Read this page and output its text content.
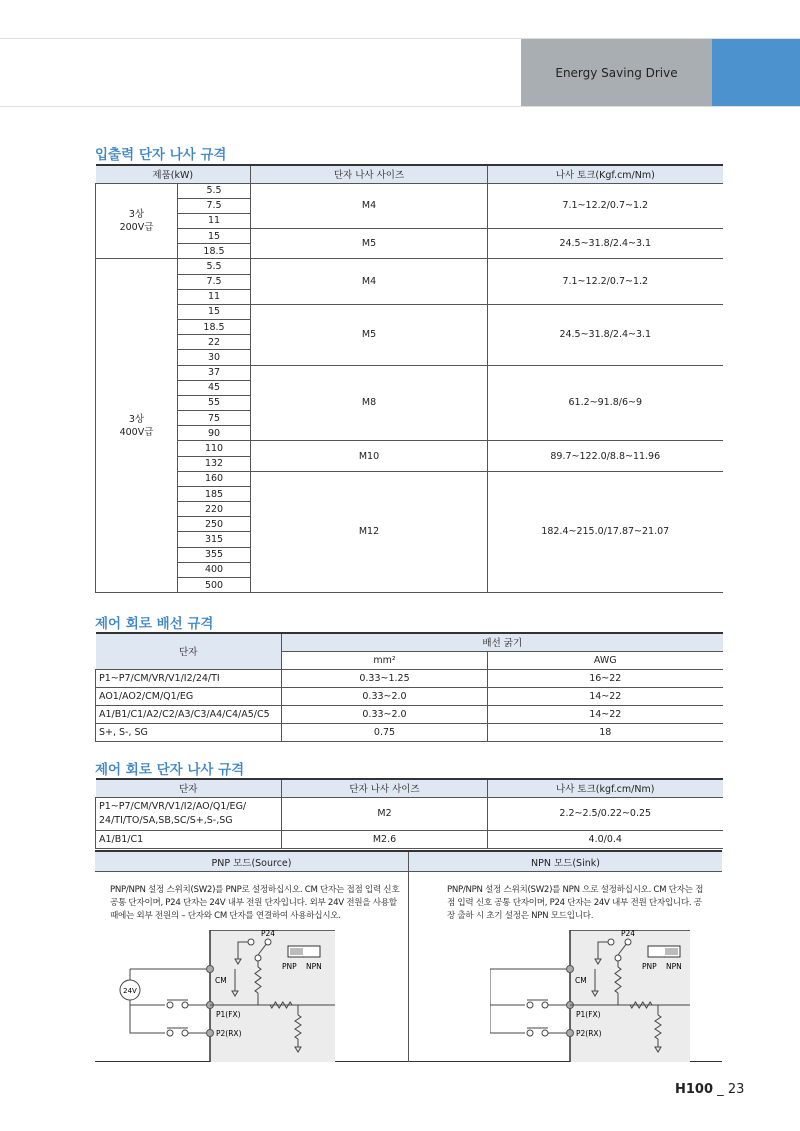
Energy Saving Drive
입출력 단자 나사 규격
제품(kW)		단자 나사 사이즈	나사 토크(Kgf.cm/Nm)
3상 200V급	5.5	M4	7.1~12.2/0.7~1.2
	7.5		
	11		
	15	M5	24.5~31.8/2.4~3.1
	18.5		
3상 400V급	5.5	M4	7.1~12.2/0.7~1.2
	7.5		
	11		
	15	M5	24.5~31.8/2.4~3.1
	18.5		
	22		
	30		
	37	M8	61.2~91.8/6~9
	45		
	55		
	75		
	90		
	110	M10	89.7~122.0/8.8~11.96
	132		
	160	M12	182.4~215.0/17.87~21.07
	185		
	220		
	250		
	315		
	355		
	400		
	500		
제어 회로 배선 규격
단자	배선 굵기	
	mm²	AWG
P1~P7/CM/VR/V1/I2/24/TI	0.33~1.25	16~22
AO1/AO2/CM/Q1/EG	0.33~2.0	14~22
A1/B1/C1/A2/C2/A3/C3/A4/C4/A5/C5	0.33~2.0	14~22
S+, S-, SG	0.75	18
제어 회로 단자 나사 규격
단자	단자 나사 사이즈	나사 토크(kgf.cm/Nm)
P1~P7/CM/VR/V1/I2/AO/Q1/EG/ 24/TI/TO/SA,SB,SC/S+,S-,SG	M2	2.2~2.5/0.22~0.25
A1/B1/C1	M2.6	4.0/0.4
PNP 모드(Source)	NPN 모드(Sink)
PNP/NPN 설정 스위치(SW2)를 PNP로 설정하십시오. CM 단자는 접점 입력 신호 공통 단자이며, P24 단자는 24V 내부 전원 단자입니다. 외부 24V 전원을 사용할 때에는 외부 전원의 – 단자와 CM 단자를 연결하여 사용하십시오.
PNP/NPN 설정 스위치(SW2)를 NPN 으로 설정하십시오. CM 단자는 접점 입력 신호 공통 단자이며, P24 단자는 24V 내부 전원 단자입니다. 공장 출하 시 초기 설정은 NPN 모드입니다.
24V
CM
P1(FX)
P2(RX)
P24
PNP NPN
CM
P1(FX)
P2(RX)
P24
PNP NPN
H100 _ 23
